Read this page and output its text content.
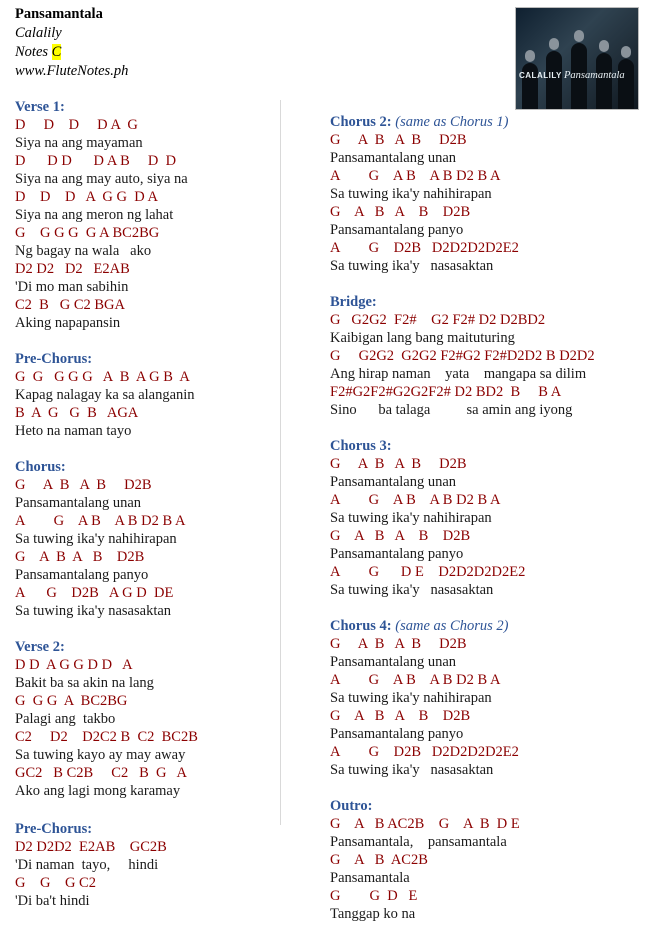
Pansamantala
Calalily
Notes C
www.FluteNotes.ph	CALALILY Pansamantala
Verse 1:
D     D    D     D A  G
Siya na ang mayaman
D      D D      D A B     D  D
Siya na ang may auto, siya na
D    D    D   A  G G  D A
Siya na ang meron ng lahat
G    G G G  G A BC2BG
Ng bagay na wala   ako
D2 D2   D2   E2AB
'Di mo man sabihin
C2  B   G C2 BGA
Aking napapansin
Pre-Chorus:
G  G   G G G   A  B  A G B  A
Kapag nalagay ka sa alanganin
B  A  G   G  B   AGA
Heto na naman tayo
Chorus:
G     A  B   A  B     D2B
Pansamantalang unan
A        G    A B    A B D2 B A
Sa tuwing ika'y nahihirapan
G    A  B  A   B    D2B
Pansamantalang panyo
A      G    D2B   A G D  DE
Sa tuwing ika'y nasasaktan
Verse 2:
D D  A G G D D   A
Bakit ba sa akin na lang
G  G G  A  BC2BG
Palagi ang  takbo
C2     D2    D2C2 B  C2  BC2B
Sa tuwing kayo ay may away
GC2   B C2B     C2   B  G   A
Ako ang lagi mong karamay
Pre-Chorus:
D2 D2D2  E2AB    GC2B
'Di naman  tayo,     hindi
G    G    G C2
'Di ba't hindi
Chorus 2: (same as Chorus 1)
G     A  B   A  B     D2B
Pansamantalang unan
A        G    A B    A B D2 B A
Sa tuwing ika'y nahihirapan
G    A   B   A    B    D2B
Pansamantalang panyo
A        G    D2B   D2D2D2D2E2
Sa tuwing ika'y   nasasaktan
Bridge:
G   G2G2  F2#    G2 F2# D2 D2BD2
Kaibigan lang bang maituturing
G     G2G2  G2G2 F2#G2 F2#D2D2 B D2D2
Ang hirap naman    yata    mangapa sa dilim
F2#G2F2#G2G2F2# D2 BD2  B     B A
Sino      ba talaga          sa amin ang iyong
Chorus 3:
G     A  B   A  B     D2B
Pansamantalang unan
A        G    A B    A B D2 B A
Sa tuwing ika'y nahihirapan
G    A   B   A    B    D2B
Pansamantalang panyo
A        G      D E    D2D2D2D2E2
Sa tuwing ika'y   nasasaktan
Chorus 4: (same as Chorus 2)
G     A  B   A  B     D2B
Pansamantalang unan
A        G    A B    A B D2 B A
Sa tuwing ika'y nahihirapan
G    A   B   A    B    D2B
Pansamantalang panyo
A        G    D2B   D2D2D2D2E2
Sa tuwing ika'y   nasasaktan
Outro:
G    A   B AC2B    G    A  B  D E
Pansamantala,    pansamantala
G    A   B  AC2B
Pansamantala
G        G  D   E
Tanggap ko na
